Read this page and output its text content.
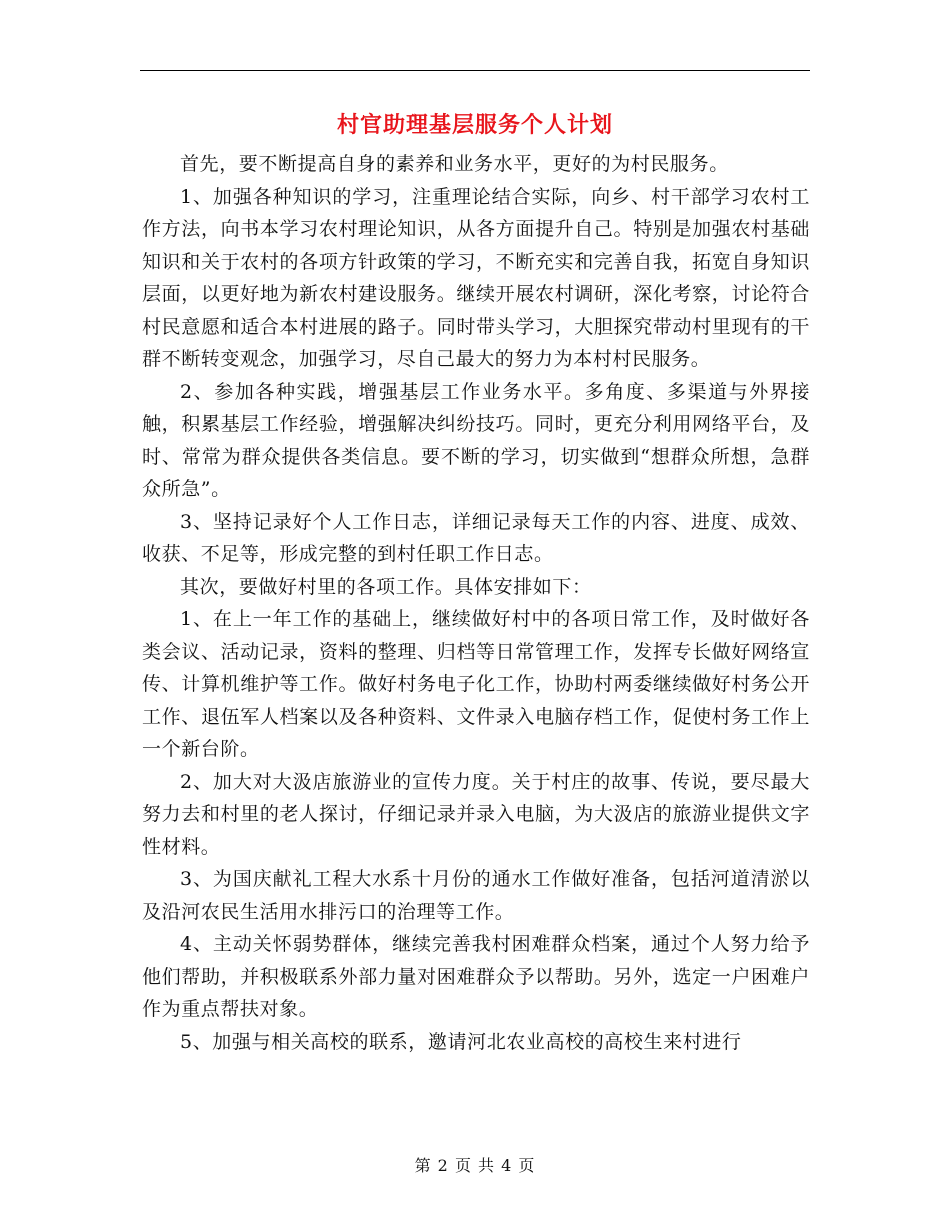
村官助理基层服务个人计划

首先，要不断提高自身的素养和业务水平，更好的为村民服务。

1、加强各种知识的学习，注重理论结合实际，向乡、村干部学习农村工作方法，向书本学习农村理论知识，从各方面提升自己。特别是加强农村基础知识和关于农村的各项方针政策的学习，不断充实和完善自我，拓宽自身知识层面，以更好地为新农村建设服务。继续开展农村调研，深化考察，讨论符合村民意愿和适合本村进展的路子。同时带头学习，大胆探究带动村里现有的干群不断转变观念，加强学习，尽自己最大的努力为本村村民服务。

2、参加各种实践，增强基层工作业务水平。多角度、多渠道与外界接触，积累基层工作经验，增强解决纠纷技巧。同时，更充分利用网络平台，及时、常常为群众提供各类信息。要不断的学习，切实做到“想群众所想，急群众所急”。

3、坚持记录好个人工作日志，详细记录每天工作的内容、进度、成效、收获、不足等，形成完整的到村任职工作日志。

其次，要做好村里的各项工作。具体安排如下：

1、在上一年工作的基础上，继续做好村中的各项日常工作，及时做好各类会议、活动记录，资料的整理、归档等日常管理工作，发挥专长做好网络宣传、计算机维护等工作。做好村务电子化工作，协助村两委继续做好村务公开工作、退伍军人档案以及各种资料、文件录入电脑存档工作，促使村务工作上一个新台阶。

2、加大对大汲店旅游业的宣传力度。关于村庄的故事、传说，要尽最大努力去和村里的老人探讨，仔细记录并录入电脑，为大汲店的旅游业提供文字性材料。

3、为国庆献礼工程大水系十月份的通水工作做好准备，包括河道清淤以及沿河农民生活用水排污口的治理等工作。

4、主动关怀弱势群体，继续完善我村困难群众档案，通过个人努力给予他们帮助，并积极联系外部力量对困难群众予以帮助。另外，选定一户困难户作为重点帮扶对象。

5、加强与相关高校的联系，邀请河北农业高校的高校生来村进行

第 2 页 共 4 页
